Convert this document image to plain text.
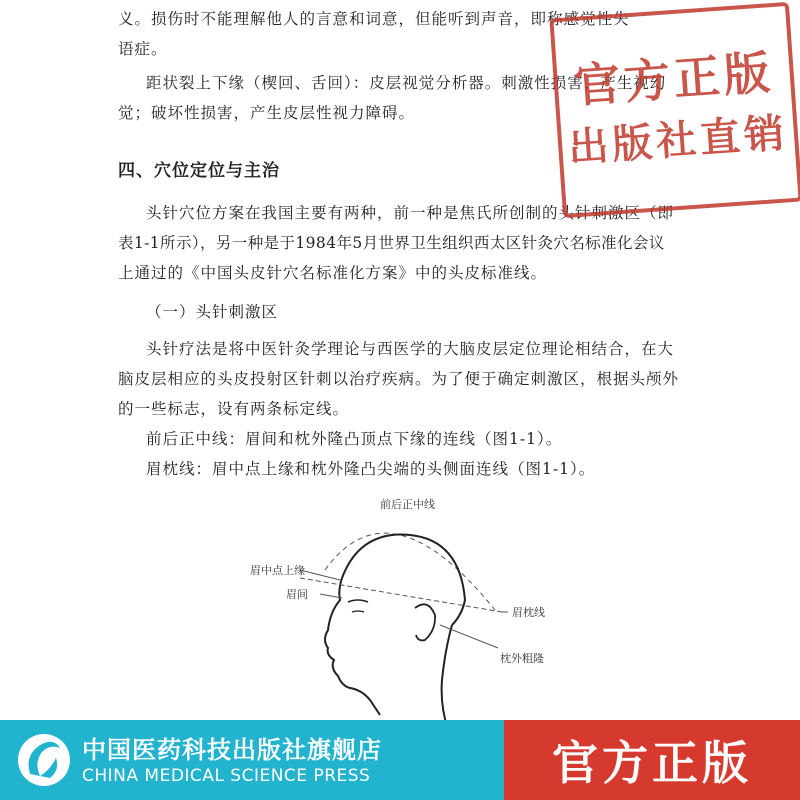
义。损伤时不能理解他人的言意和词意，但能听到声音，即称感觉性失
语症。
距状裂上下缘（楔回、舌回）：皮层视觉分析器。刺激性损害，产生视幻
觉；破坏性损害，产生皮层性视力障碍。
四、穴位定位与主治
头针穴位方案在我国主要有两种，前一种是焦氏所创制的头针刺激区（即
表1-1所示），另一种是于1984年5月世界卫生组织西太区针灸穴名标准化会议
上通过的《中国头皮针穴名标准化方案》中的头皮标准线。
（一）头针刺激区
头针疗法是将中医针灸学理论与西医学的大脑皮层定位理论相结合，在大
脑皮层相应的头皮投射区针刺以治疗疾病。为了便于确定刺激区，根据头颅外
的一些标志，设有两条标定线。
前后正中线：眉间和枕外隆凸顶点下缘的连线（图1-1）。
眉枕线：眉中点上缘和枕外隆凸尖端的头侧面连线（图1-1）。
官方正版
出版社直销
前后正中线
眉中点上缘
眉间
眉枕线
枕外粗隆
中国医药科技出版社旗舰店
CHINA MEDICAL SCIENCE PRESS	官方正版
